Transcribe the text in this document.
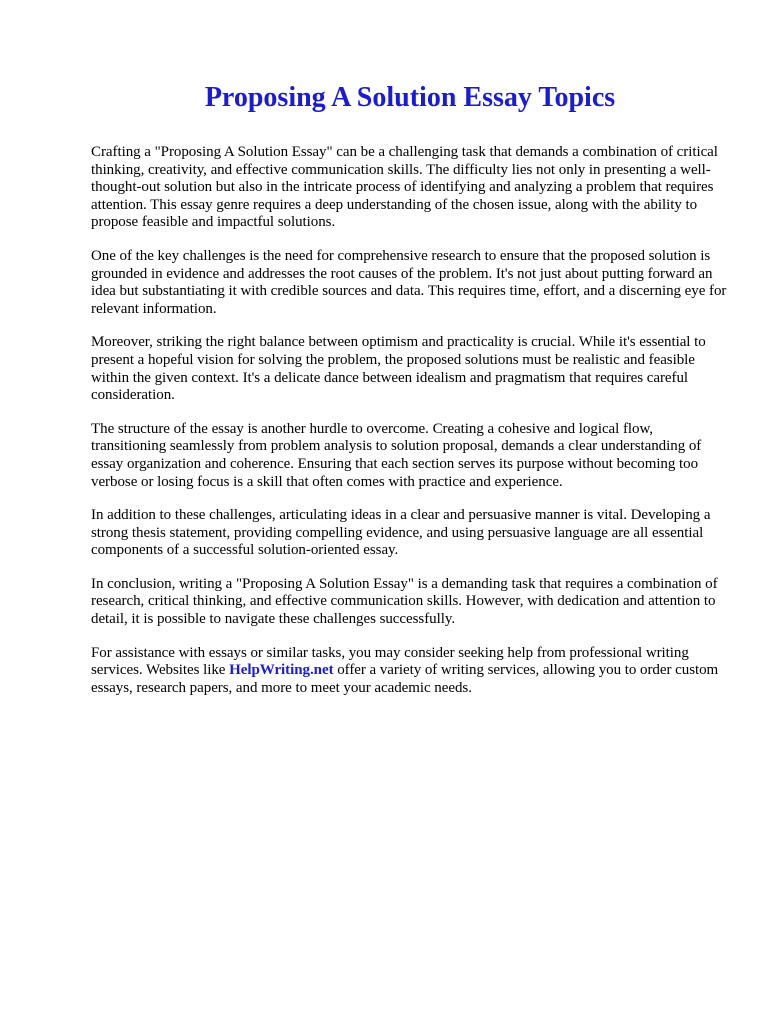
Proposing A Solution Essay Topics

Crafting a "Proposing A Solution Essay" can be a challenging task that demands a combination of critical thinking, creativity, and effective communication skills. The difficulty lies not only in presenting a well-thought-out solution but also in the intricate process of identifying and analyzing a problem that requires attention. This essay genre requires a deep understanding of the chosen issue, along with the ability to propose feasible and impactful solutions.

One of the key challenges is the need for comprehensive research to ensure that the proposed solution is grounded in evidence and addresses the root causes of the problem. It's not just about putting forward an idea but substantiating it with credible sources and data. This requires time, effort, and a discerning eye for relevant information.

Moreover, striking the right balance between optimism and practicality is crucial. While it's essential to present a hopeful vision for solving the problem, the proposed solutions must be realistic and feasible within the given context. It's a delicate dance between idealism and pragmatism that requires careful consideration.

The structure of the essay is another hurdle to overcome. Creating a cohesive and logical flow, transitioning seamlessly from problem analysis to solution proposal, demands a clear understanding of essay organization and coherence. Ensuring that each section serves its purpose without becoming too verbose or losing focus is a skill that often comes with practice and experience.

In addition to these challenges, articulating ideas in a clear and persuasive manner is vital. Developing a strong thesis statement, providing compelling evidence, and using persuasive language are all essential components of a successful solution-oriented essay.

In conclusion, writing a "Proposing A Solution Essay" is a demanding task that requires a combination of research, critical thinking, and effective communication skills. However, with dedication and attention to detail, it is possible to navigate these challenges successfully.

For assistance with essays or similar tasks, you may consider seeking help from professional writing services. Websites like HelpWriting.net offer a variety of writing services, allowing you to order custom essays, research papers, and more to meet your academic needs.
